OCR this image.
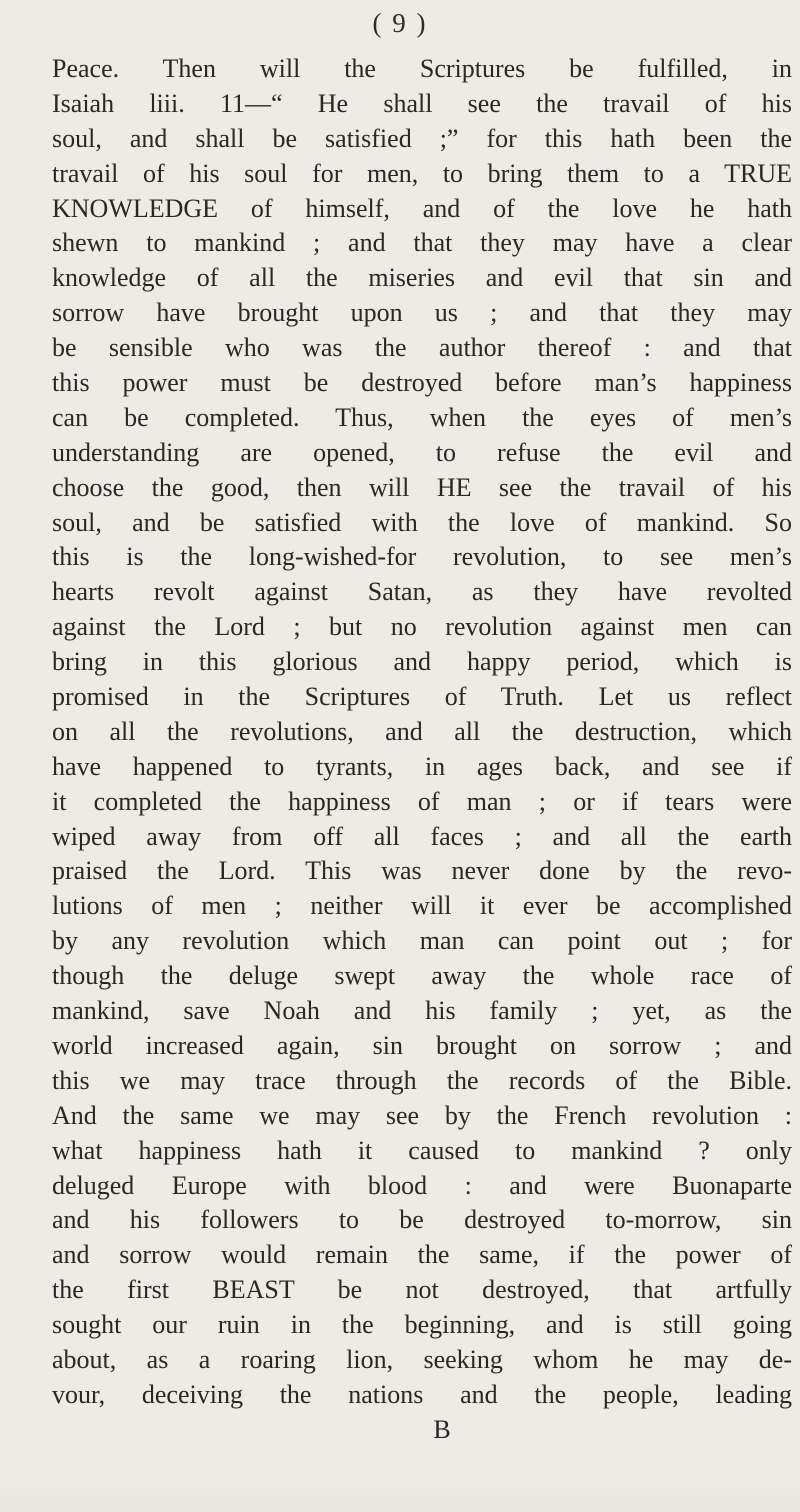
( 9 )
Peace. Then will the Scriptures be fulfilled, in
Isaiah liii. 11—“ He shall see the travail of his
soul, and shall be satisfied ;” for this hath been the
travail of his soul for men, to bring them to a TRUE
KNOWLEDGE of himself, and of the love he hath
shewn to mankind ; and that they may have a clear
knowledge of all the miseries and evil that sin and
sorrow have brought upon us ; and that they may
be sensible who was the author thereof : and that
this power must be destroyed before man’s happiness
can be completed. Thus, when the eyes of men’s
understanding are opened, to refuse the evil and
choose the good, then will HE see the travail of his
soul, and be satisfied with the love of mankind. So
this is the long-wished-for revolution, to see men’s
hearts revolt against Satan, as they have revolted
against the Lord ; but no revolution against men can
bring in this glorious and happy period, which is
promised in the Scriptures of Truth. Let us reflect
on all the revolutions, and all the destruction, which
have happened to tyrants, in ages back, and see if
it completed the happiness of man ; or if tears were
wiped away from off all faces ; and all the earth
praised the Lord. This was never done by the revo-
lutions of men ; neither will it ever be accomplished
by any revolution which man can point out ; for
though the deluge swept away the whole race of
mankind, save Noah and his family ; yet, as the
world increased again, sin brought on sorrow ; and
this we may trace through the records of the Bible.
And the same we may see by the French revolution :
what happiness hath it caused to mankind ? only
deluged Europe with blood : and were Buonaparte
and his followers to be destroyed to-morrow, sin
and sorrow would remain the same, if the power of
the first BEAST be not destroyed, that artfully
sought our ruin in the beginning, and is still going
about, as a roaring lion, seeking whom he may de-
vour, deceiving the nations and the people, leading
B
